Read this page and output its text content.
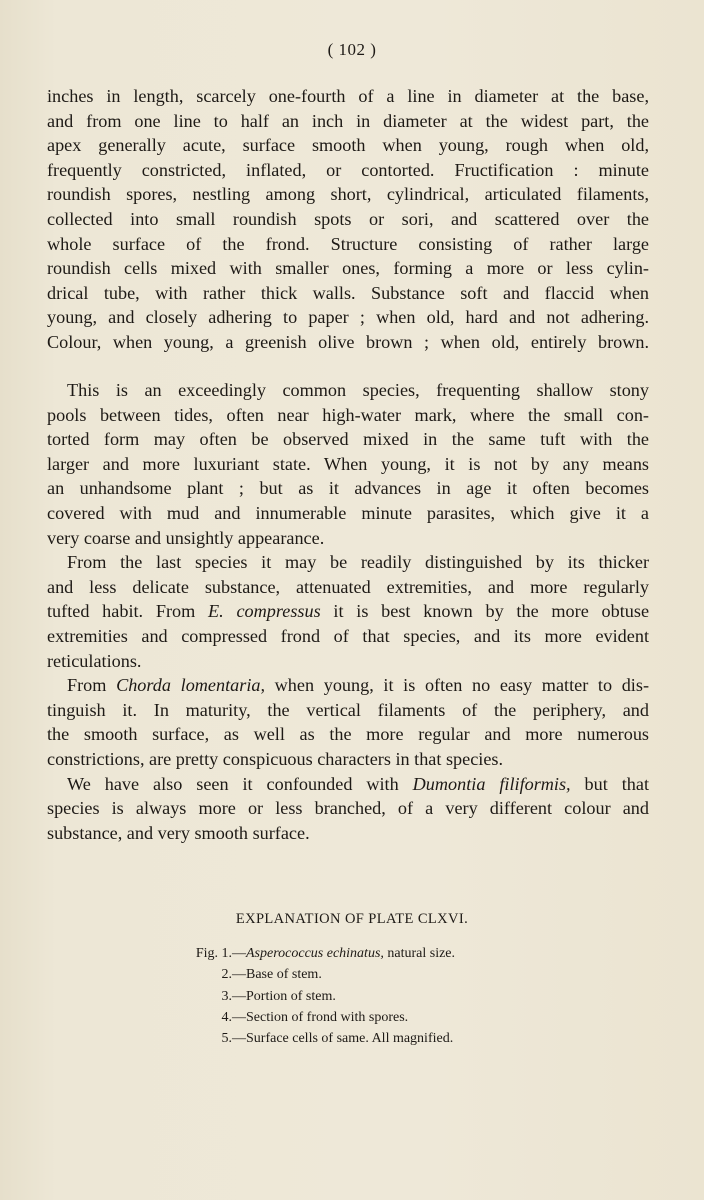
( 102 )
inches in length, scarcely one-fourth of a line in diameter at the base,
and from one line to half an inch in diameter at the widest part, the
apex generally acute, surface smooth when young, rough when old,
frequently constricted, inflated, or contorted. Fructification : minute
roundish spores, nestling among short, cylindrical, articulated filaments,
collected into small roundish spots or sori, and scattered over the
whole surface of the frond. Structure consisting of rather large
roundish cells mixed with smaller ones, forming a more or less cylin-
drical tube, with rather thick walls. Substance soft and flaccid when
young, and closely adhering to paper ; when old, hard and not adhering.
Colour, when young, a greenish olive brown ; when old, entirely brown.
This is an exceedingly common species, frequenting shallow stony
pools between tides, often near high-water mark, where the small con-
torted form may often be observed mixed in the same tuft with the
larger and more luxuriant state. When young, it is not by any means
an unhandsome plant ; but as it advances in age it often becomes
covered with mud and innumerable minute parasites, which give it a
very coarse and unsightly appearance.
From the last species it may be readily distinguished by its thicker
and less delicate substance, attenuated extremities, and more regularly
tufted habit. From E. compressus it is best known by the more obtuse
extremities and compressed frond of that species, and its more evident
reticulations.
From Chorda lomentaria, when young, it is often no easy matter to dis-
tinguish it. In maturity, the vertical filaments of the periphery, and
the smooth surface, as well as the more regular and more numerous
constrictions, are pretty conspicuous characters in that species.
We have also seen it confounded with Dumontia filiformis, but that
species is always more or less branched, of a very different colour and
substance, and very smooth surface.
EXPLANATION OF PLATE CLXVI.
Fig. 1.—Asperococcus echinatus, natural size.
2.—Base of stem.
3.—Portion of stem.
4.—Section of frond with spores.
5.—Surface cells of same. All magnified.
